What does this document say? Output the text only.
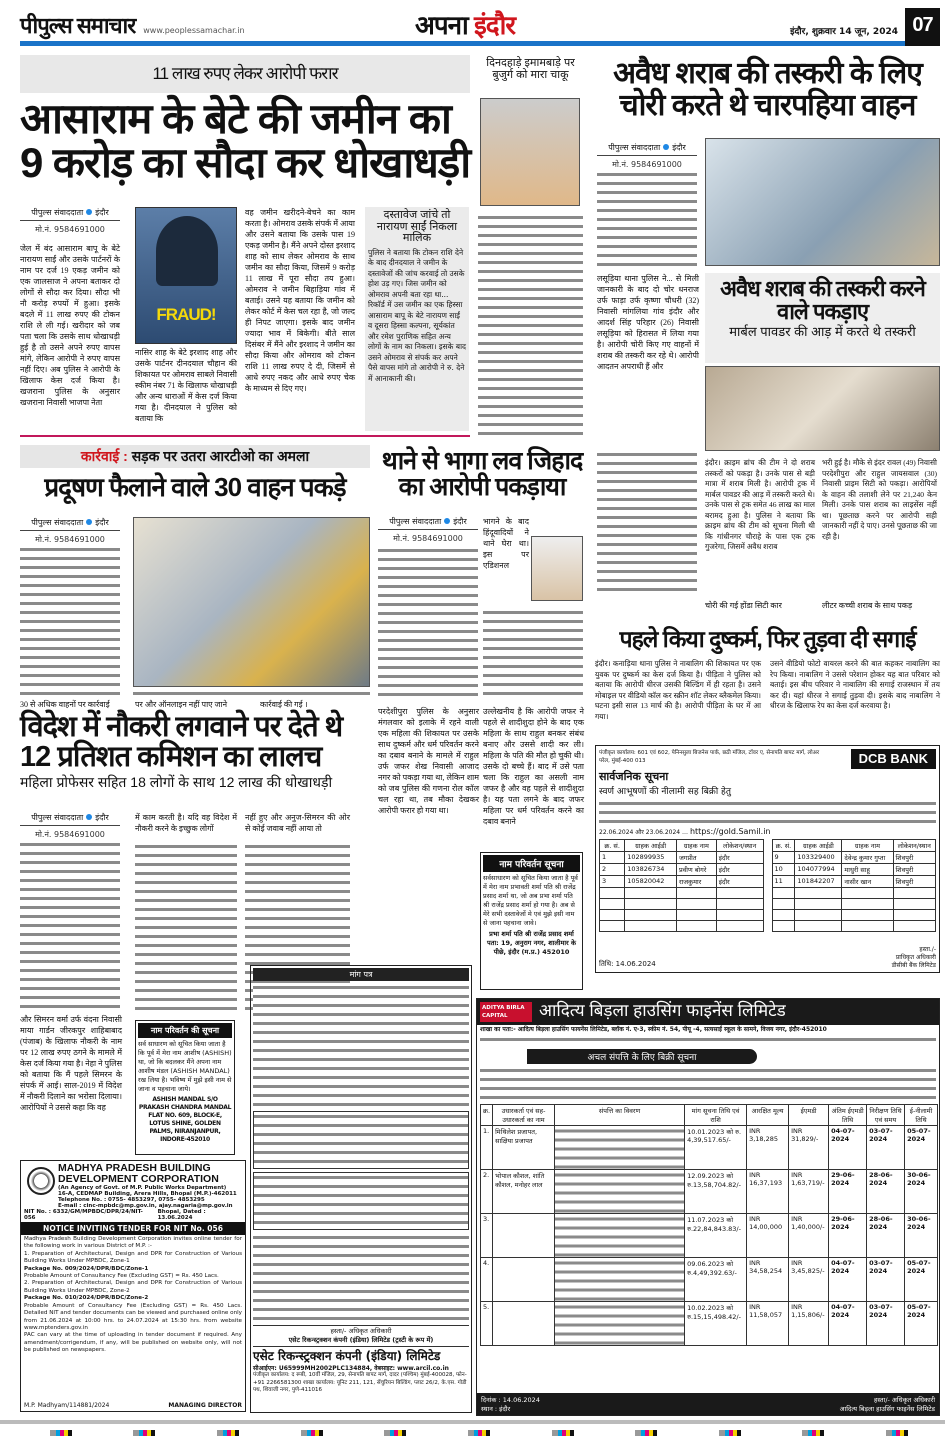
पीपुल्स समाचार www.peoplessamachar.in	अपना इंदौर	इंदौर, शुक्रवार 14 जून, 2024 07
11 लाख रुपए लेकर आरोपी फरार
आसाराम के बेटे की जमीन का
9 करोड़ का सौदा कर धोखाधड़ी
पीपुल्स संवाददाता इंदौर
मो.नं. 9584691000
जेल में बंद आसाराम बापू के बेटे नारायण साईं और उसके पार्टनरों के नाम पर दर्ज 19 एकड़ जमीन को एक जालसाज ने अपना बताकर दो लोगों से सौदा कर दिया। सौदा भी नौ करोड़ रुपयों में हुआ। इसके बदले में 11 लाख रुपए की टोकन राशि ले ली गई। खरीदार को जब पता चला कि उसके साथ धोखाधड़ी हुई है तो उसने अपने रुपए वापस मांगे, लेकिन आरोपी ने रुपए वापस नहीं दिए। अब पुलिस ने आरोपी के खिलाफ केस दर्ज किया है। खजराना पुलिस के अनुसार खजराना निवासी भाजपा नेता
FRAUD!
नासिर शाह के बेटे इरशाद शाह और उसके पार्टनर दीनदयाल चौहान की शिकायत पर ओमराव साबले निवासी स्कीम नंबर 71 के खिलाफ धोखाधड़ी और अन्य धाराओं में केस दर्ज किया गया है। दीनदयाल ने पुलिस को बताया कि
वह जमीन खरीदने-बेचने का काम करता है। ओमराव उसके संपर्क में आया और उसने बताया कि उसके पास 19 एकड़ जमीन है। मैंने अपने दोस्त इरशाद शाह को साथ लेकर ओमराव के साथ जमीन का सौदा किया, जिसमें 9 करोड़ 11 लाख में पूरा सौदा तय हुआ। ओमराव ने जमीन बिहाड़िया गांव में बताई। उसने यह बताया कि जमीन को लेकर कोर्ट में केस चल रहा है, जो जल्द ही निपट जाएगा। इसके बाद जमीन ज्यादा भाव में बिकेगी। बीते साल दिसंबर में मैंने और इरशाद ने जमीन का सौदा किया और ओमराव को टोकन राशि 11 लाख रुपए दे दी, जिसमें से आधे रुपए नकद और आधे रुपए चेक के माध्यम से दिए गए।
दस्तावेज जांचे तो नारायण साईं निकला मालिक
पुलिस ने बताया कि टोकन राशि देने के बाद दीनदयाल ने जमीन के दस्तावेजों की जांच करवाई तो उसके होश उड़ गए। जिस जमीन को ओमराव अपनी बता रहा था... रिकॉर्ड में उस जमीन का एक हिस्सा आसाराम बापू के बेटे नारायण साईं व दूसरा हिस्सा कल्पना, सूर्यकांत और रमेश पुराणिक सहित अन्य लोगों के नाम का निकला। इसके बाद उसने ओमराव से संपर्क कर अपने पैसे वापस मांगे तो आरोपी ने रु. देने में आनाकानी की।
दिनदहाड़े इमामबाड़े पर बुजुर्ग को मारा चाकू	अवैध शराब की तस्करी के लिए
चोरी करते थे चारपहिया वाहन
पीपुल्स संवाददाता इंदौर
मो.नं. 9584691000
लसूड़िया थाना पुलिस ने... से मिली जानकारी के बाद दो चोर धनराज उर्फ फाड़ा उर्फ कृष्णा चौधरी (32) निवासी मांगलिया गांव इंदौर और आदर्श सिंह परिहार (26) निवासी लसूड़िया को हिरासत में लिया गया है। आरोपी चोरी किए गए वाहनों में शराब की तस्करी कर रहे थे। आरोपी आदतन अपराधी हैं और
अवैध शराब की तस्करी करने वाले पकड़ाए
मार्बल पावडर की आड़ में करते थे तस्करी
इंदौर। क्राइम ब्रांच की टीम ने दो शराब तस्करों को पकड़ा है। उनके पास से बड़ी मात्रा में शराब मिली है। आरोपी ट्रक में मार्बल पावडर की आड़ में तस्करी करते थे। उनके पास से ट्रक समेत 46 लाख का माल बरामद हुआ है। पुलिस ने बताया कि क्राइम ब्रांच की टीम को सूचना मिली थी कि गांधीनगर चौराहे के पास एक ट्रक गुजरेगा, जिसमें अवैध शराब
भरी हुई है। मौके से इंदर रावल (49) निवासी परदेशीपुरा और राहुल जायसवाल (30) निवासी प्राइम सिटी को पकड़ा। आरोपियों के वाहन की तलाशी लेने पर 21,240 केन मिली। उनके पास शराब का लाइसेंस नहीं था। पूछताछ करने पर आरोपी सही जानकारी नहीं दे पाए। उनसे पूछताछ की जा रही है।
चोरी की गई होंडा सिटी कार	लीटर कच्ची शराब के साथ पकड़
कार्रवाई : सड़क पर उतरा आरटीओ का अमला
प्रदूषण फैलाने वाले 30 वाहन पकड़े
पीपुल्स संवाददाता इंदौर
मो.नं. 9584691000
30 से अधिक वाहनों पर कार्रवाई	पर और ऑनलाइन नहीं पाए जाने	कार्रवाई की गई ।
थाने से भागा लव जिहाद का आरोपी पकड़ाया
पीपुल्स संवाददाता इंदौर
मो.नं. 9584691000
भागने के बाद हिंदूवादियों ने थाने घेरा था। इस पर एडिशनल
परदेशीपुरा पुलिस के अनुसार मंगलवार को इलाके में रहने वाली एक महिला की शिकायत पर उसके साथ दुष्कर्म और धर्म परिवर्तन करने का दबाव बनाने के मामले में राहुल उर्फ जफर शेख निवासी आजाद नगर को पकड़ा गया था, लेकिन शाम को जब पुलिस की गणना रोल कॉल चल रहा था, तब मौका देखकर आरोपी फरार हो गया था।
उल्लेखनीय है कि आरोपी जफर ने पहले से शादीशुदा होने के बाद एक महिला के साथ राहुल बनकर संबंध बनाए और उससे शादी कर ली। महिला के पति की मौत हो चुकी थी। उसके दो बच्चे हैं। बाद में उसे पता चला कि राहुल का असली नाम जफर है और वह पहले से शादीशुदा है। यह पता लगने के बाद जफर महिला पर धर्म परिवर्तन करने का दबाव बनाने
पहले किया दुष्कर्म, फिर तुड़वा दी सगाई
इंदौर। कनाड़िया थाना पुलिस ने नाबालिग की शिकायत पर एक युवक पर दुष्कर्म का केस दर्ज किया है। पीड़िता ने पुलिस को बताया कि आरोपी धीरज उसकी बिल्डिंग में ही रहता है। उसने मोबाइल पर वीडियो कॉल कर स्क्रीन शॉट लेकर ब्लैकमेल किया। घटना इसी साल 13 मार्च की है। आरोपी पीड़िता के घर में आ गया।
उसने वीडियो फोटो वायरल करने की बात कहकर नाबालिग का रेप किया। नाबालिग ने उससे परेशान होकर यह बात परिवार को बताई। इस बीच परिवार ने नाबालिग की सगाई राजस्थान में तय कर दी। यहां धीरज ने सगाई तुड़वा दी। इसके बाद नाबालिग ने धीरज के खिलाफ रेप का केस दर्ज करवाया है।
विदेश में नौकरी लगवाने पर देते थे
12 प्रतिशत कमिशन का लालच
महिला प्रोफेसर सहित 18 लोगों के साथ 12 लाख की धोखाधड़ी
पीपुल्स संवाददाता इंदौर
मो.नं. 9584691000
और सिमरन वर्मा उर्फ वंदना निवासी माया गार्डन जीरकपुर शाहिबाबाद (पंजाब) के खिलाफ नौकरी के नाम पर 12 लाख रुपए ठगने के मामले में केस दर्ज किया गया है। नेहा ने पुलिस को बताया कि मैं पहले सिमरन के संपर्क में आई। साल-2019 में विदेश में नौकरी दिलाने का भरोसा दिलाया। आरोपियों ने उससे कहा कि वह
में काम करती है। यदि वह विदेश में नौकरी करने के इच्छुक लोगों
नहीं हुए और अनुज-सिमरन की ओर से कोई जवाब नहीं आया तो
नाम परिवर्तन की सूचना
सर्व साधारण को सूचित किया जाता है कि पूर्व में मेरा नाम आशीष (ASHISH) था, जो कि बदलकर मैंने अपना नाम आशीष मंडल (ASHISH MANDAL) रख लिया है। भविष्य में मुझे इसी नाम से जाना व पहचाना जाये।
ASHISH MANDAL S/O PRAKASH CHANDRA MANDAL FLAT NO. 609, BLOCK-E, LOTUS SHINE, GOLDEN PALMS, NIRANJANPUR, INDORE-452010
नाम परिवर्तन सूचना
सर्वसाधारण को सूचित किया जाता है पूर्व में मेरा नाम प्रभावती शर्मा पति श्री राजेंद्र प्रसाद शर्मा था, जो अब प्रभा शर्मा पति श्री राजेंद्र प्रसाद शर्मा हो गया है। अब से मेरे सभी दस्तावेजों मे एवं मुझे इसी नाम से जाना पहचाना जावे।
प्रभा शर्मा पति श्री राजेंद्र प्रसाद शर्मा
पता: 19, अनुराग नगर, शालीमार के पीछे, इंदौर (म.प्र.) 452010
पंजीकृत कार्यालय: 601 एवं 602, पेनिनसुला बिजनेस पार्क, छठी मंजिल, टॉवर ए, सेनापति बापट मार्ग, लोअर परेल, मुंबई-400 013	DCB BANK
सार्वजनिक सूचना
स्वर्ण आभूषणों की नीलामी सह बिक्री हेतु
22.06.2024 और 23.06.2024 … https://gold.Samil.in
क्र. सं.	ग्राहक आईडी	ग्राहक नाम	लोकेशन/स्थान
1	102899935	जगप्रीत	इंदौर
2	103826734	प्रवीण बोगरे	इंदौर
3	105820042	राजकुमार	इंदौर

क्र. सं.	ग्राहक आईडी	ग्राहक नाम	लोकेशन/स्थान
9	103329400	देवेन्द्र कुमार गुप्ता	शिवपुरी
10	104077994	माधुरी साहू	शिवपुरी
11	101842207	नासीर खान	शिवपुरी

तिथि: 14.06.2024
हस्ता./-
प्राधिकृत अधिकारी
डीसीबी बैंक लिमिटेड
मांग पत्र
हस्ता/- अधिकृत अधिकारी
एसेट रिकन्स्ट्रक्शन कंपनी (इंडिया) लिमिटेड (ट्रस्टी के रूप में)
एसेट रिकन्स्ट्रक्शन कंपनी (इंडिया) लिमिटेड
सीआईएन: U65999MH2002PLC134884, वेबसाइट: www.arcil.co.in
पंजीकृत कार्यालय: द रूबी, 10वीं मंजिल, 29, सेनापति बापट मार्ग, दादर (पश्चिम) मुंबई-400028, फोन-+91 2266581300 शाखा कार्यालय: यूनिट 211, 121, सेंचुरियन बिल्डिंग, प्लाट 26/2, के.एस. गोडी पथ, शिवाजी नगर, पुणे-411016
MADHYA PRADESH BUILDING
DEVELOPMENT CORPORATION
(An Agency of Govt. of M.P. Public Works Department)
16-A, CEDMAP Building, Arera Hills, Bhopal (M.P.)-462011
Telephone No. : 0755- 4853297, 0755- 4853295
E-mail : cinc-mpbdc@mp.gov.in, ajay.nagaria@mp.gov.in
NIT No. : 6332/GM/MPBDC/DPR/24/NIT-056
Bhopal, Dated : 13.06.2024
NOTICE INVITING TENDER FOR NIT No. 056
Madhya Pradesh Building Development Corporation invites online tender for the following work in various District of M.P. :-
1. Preparation of Architectural, Design and DPR for Construction of Various Building Works Under MPBDC, Zone-1
Package No. 009/2024/DPR/BDC/Zone-1
Probable Amount of Consultancy Fee (Excluding GST) = Rs. 450 Lacs.
2. Preparation of Architectural, Design and DPR for Construction of Various Building Works Under MPBDC, Zone-2
Package No. 010/2024/DPR/BDC/Zone-2
Probable Amount of Consultancy Fee (Excluding GST) = Rs. 450 Lacs. Detailed NIT and tender documents can be viewed and purchased online only from 21.06.2024 at 10:00 hrs. to 24.07.2024 at 15:30 hrs. from website www.mptenders.gov.in
PAC can vary at the time of uploading in tender document if required. Any amendment/corrigendum, if any, will be published on website only, will not be published on newspapers.
M.P. Madhyam/114881/2024	MANAGING DIRECTOR
ADITYA BIRLA CAPITAL	आदित्य बिड़ला हाउसिंग फाइनेंस लिमिटेड
शाखा का पता:- आदित्य बिड़ला हाउसिंग फायनेंस लिमिटेड, ब्लॉक नं. ए-3, स्कीम नं. 54, पीयू -4, सत्यसाईं स्कूल के सामने, विजय नगर, इंदौर-452010
अचल संपत्ति के लिए बिक्री सूचना
क्र.	उधारकर्ता एवं सह-उधारकर्ता का नाम	संपत्ति का विवरण	मांग सूचना तिथि एवं राशि	आरक्षित मूल्य	ईएमडी	अंतिम ईएमडी तिथि	निरीक्षण तिथि एवं समय	ई-नीलामी तिथि
1.	मिथिलेश प्रजापत, साक्षिया प्रजापत		10.01.2023 को रु. 4,39,517.65/-	INR 3,18,285	INR 31,829/-	04-07-2024	03-07-2024	05-07-2024
2.	भोपाल कौशल, शांति कौशल, मनोहर लाल		12.09.2023 को रु.13,58,704.82/-	INR 16,37,193	INR 1,63,719/-	29-06-2024	28-06-2024	30-06-2024
3.			11.07.2023 को रु.22,84,843.83/-	INR 14,00,000	INR 1,40,000/-	29-06-2024	28-06-2024	30-06-2024
4.			09.06.2023 को रु.4,49,392.63/-	INR 34,58,254	INR 3,45,825/-	04-07-2024	03-07-2024	05-07-2024
5.			10.02.2023 को रु.15,15,498.42/-	INR 11,58,057	INR 1,15,806/-	04-07-2024	03-07-2024	05-07-2024
दिनांक : 14.06.2024
स्थान : इंदौर
हस्ता/- अधिकृत अधिकारी
आदित्य बिड़ला हाउसिंग फाइनेंस लिमिटेड
